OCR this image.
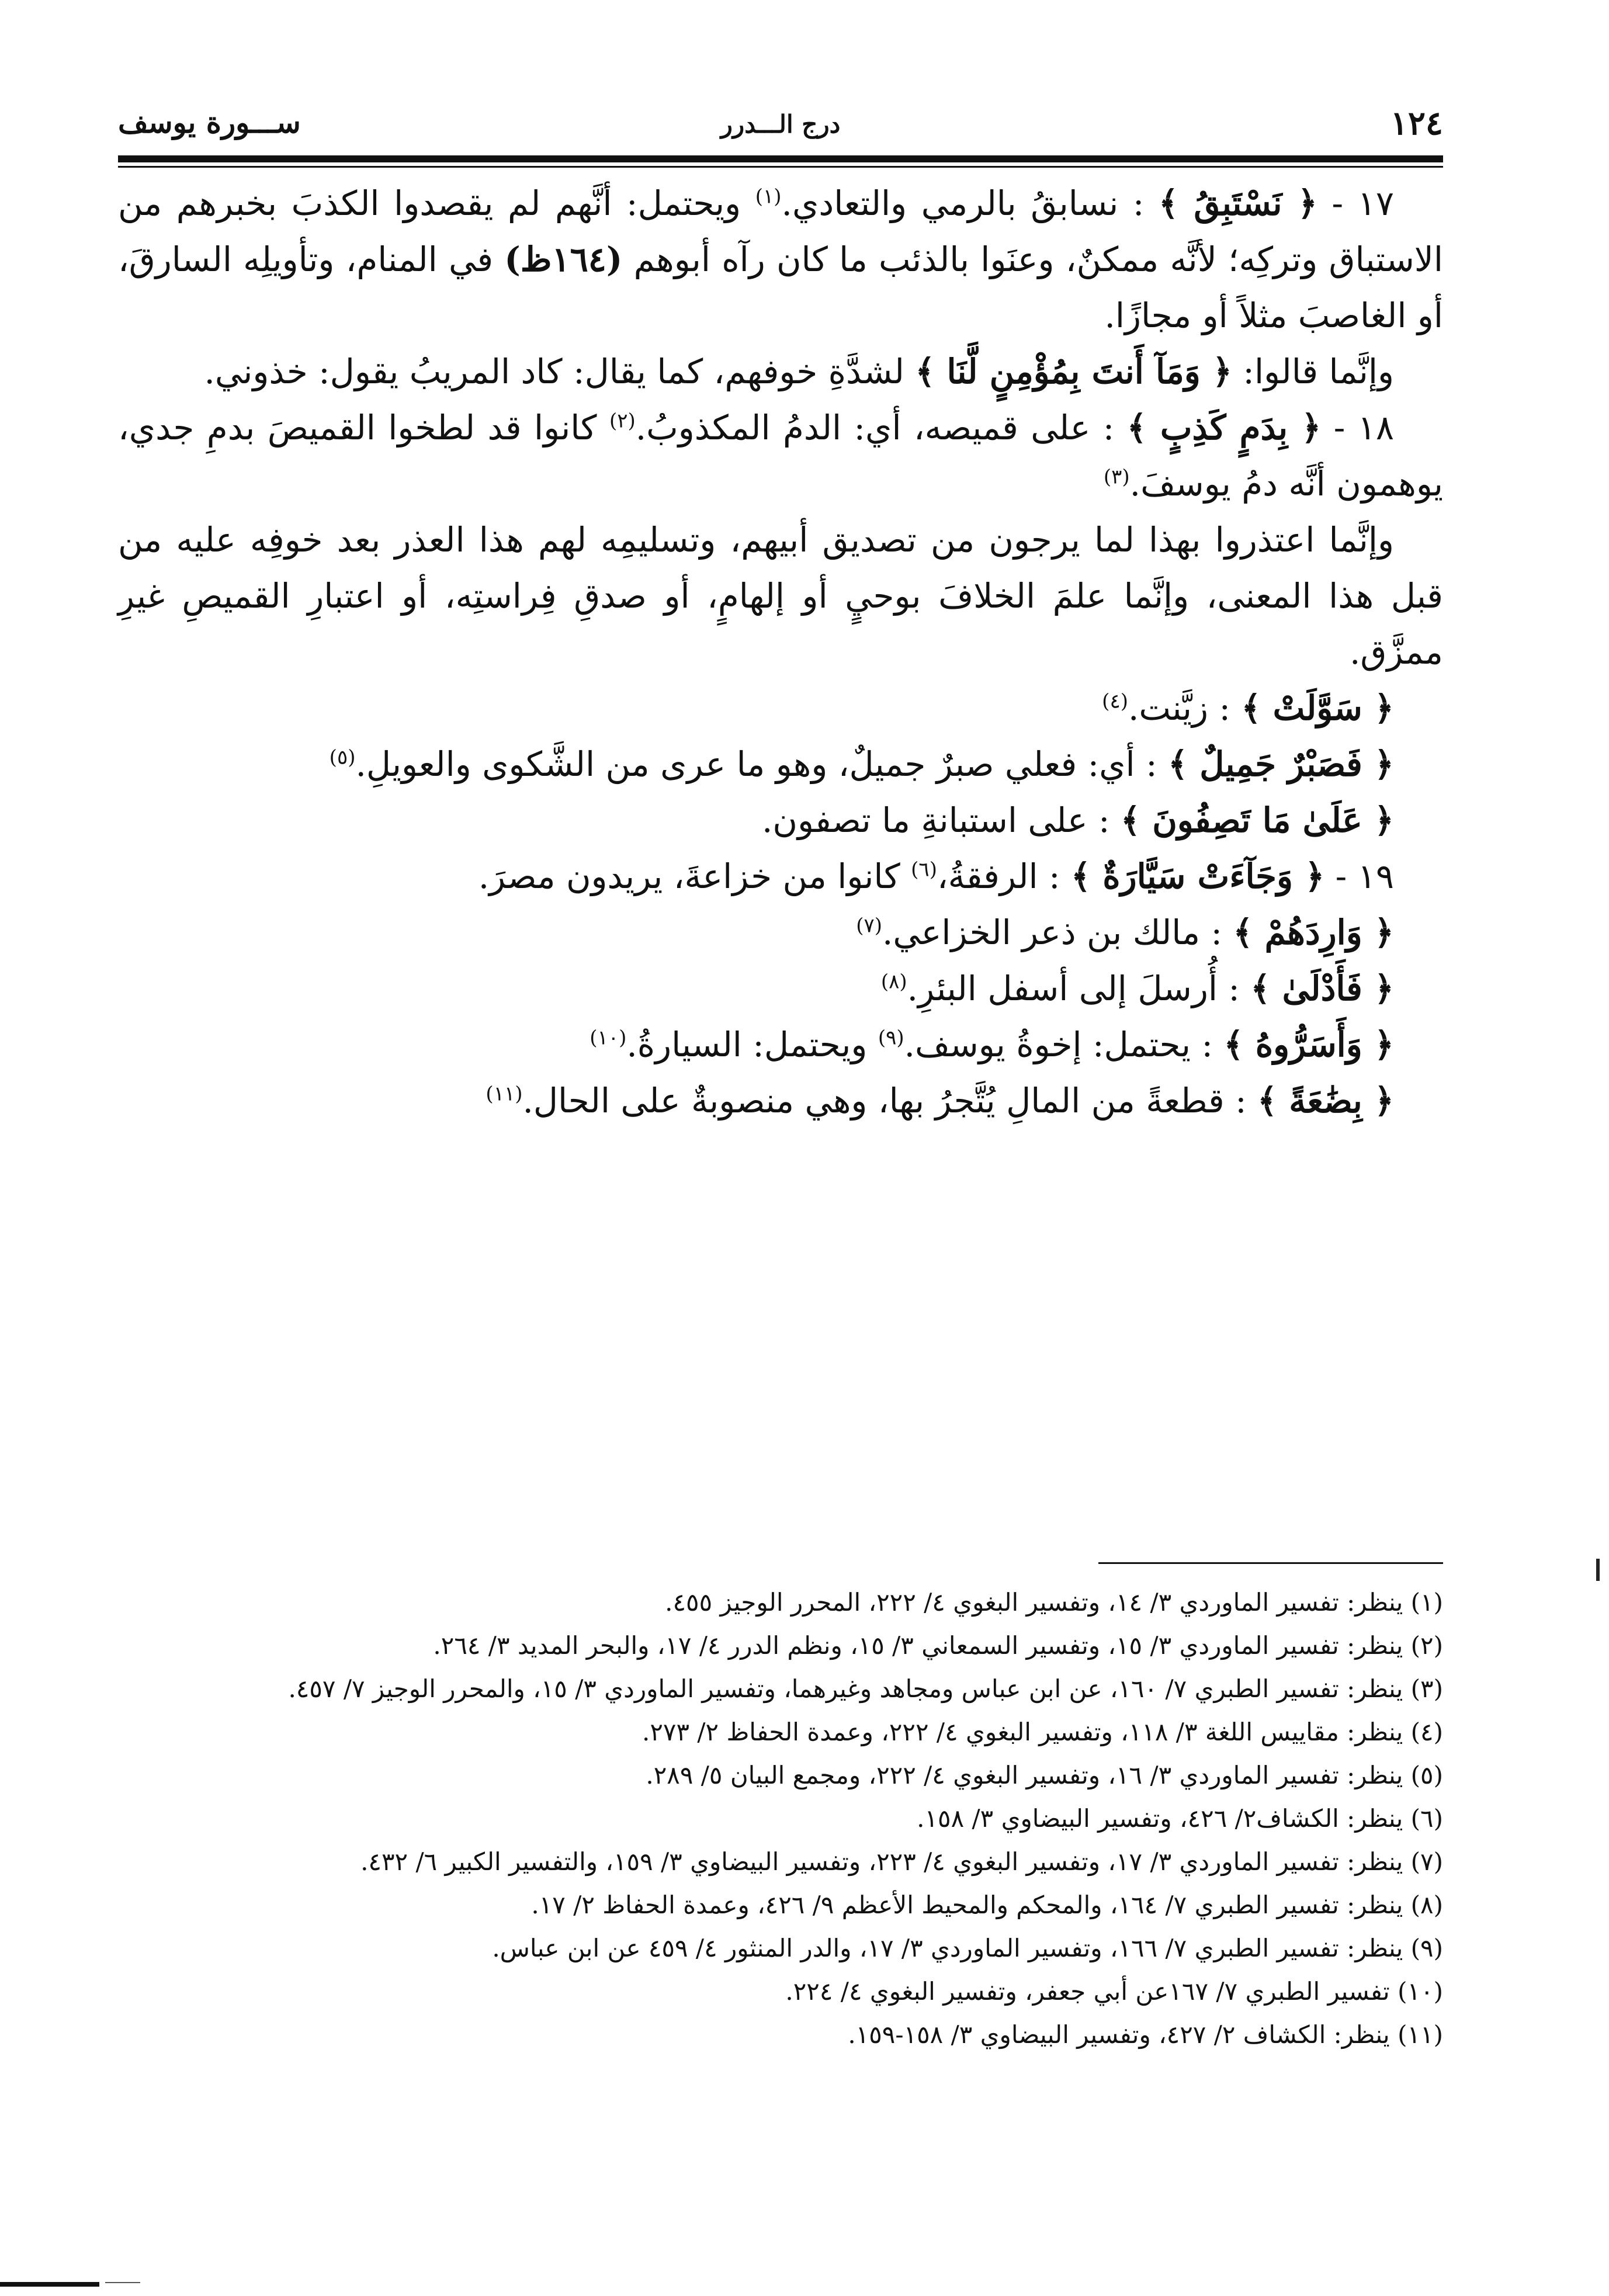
١٢٤
درج الـــدرر
ســـورة يوسف

١٧ - ﴿ نَسْتَبِقُ ﴾ : نسابقُ بالرمي والتعادي.$^{(١)}$ ويحتمل: أنَّهم لم يقصدوا الكذبَ بخبرهم من الاستباق وتركِه؛ لأنَّه ممكنٌ، وعنَوا بالذئب ما كان رآه أبوهم (١٦٤ظ) في المنام، وتأويلِه السارقَ، أو الغاصبَ مثلاً أو مجازًا.

وإنَّما قالوا: ﴿ وَمَآ أَنتَ بِمُؤْمِنٍ لَّنَا ﴾ لشدَّةِ خوفهم، كما يقال: كاد المريبُ يقول: خذوني.

١٨ - ﴿ بِدَمٍ كَذِبٍ ﴾ : على قميصه، أي: الدمُ المكذوبُ.$^{(٢)}$ كانوا قد لطخوا القميصَ بدمِ جدي، يوهمون أنَّه دمُ يوسفَ.$^{(٣)}$

وإنَّما اعتذروا بهذا لما يرجون من تصديق أبيهم، وتسليمِه لهم هذا العذر بعد خوفِه عليه من قبل هذا المعنى، وإنَّما علمَ الخلافَ بوحيٍ أو إلهامٍ، أو صدقِ فِراستِه، أو اعتبارِ القميصِ غيرِ ممزَّق.

﴿ سَوَّلَتْ ﴾ : زيَّنت.$^{(٤)}$

﴿ فَصَبْرٌ جَمِيلٌ ﴾ : أي: فعلي صبرٌ جميلٌ، وهو ما عرى من الشَّكوى والعويلِ.$^{(٥)}$

﴿ عَلَىٰ مَا تَصِفُونَ ﴾ : على استبانةِ ما تصفون.

١٩ - ﴿ وَجَآءَتْ سَيَّارَةٌ ﴾ : الرفقةُ،$^{(٦)}$ كانوا من خزاعةَ، يريدون مصرَ.

﴿ وَارِدَهُمْ ﴾ : مالك بن ذعر الخزاعي.$^{(٧)}$

﴿ فَأَدْلَىٰ ﴾ : أُرسلَ إلى أسفل البئرِ.$^{(٨)}$

﴿ وَأَسَرُّوهُ ﴾ : يحتمل: إخوةُ يوسف.$^{(٩)}$ ويحتمل: السيارةُ.$^{(١٠)}$

﴿ بِضَٰعَةً ﴾ : قطعةً من المالِ يُتَّجرُ بها، وهي منصوبةٌ على الحال.$^{(١١)}$

(١) ينظر: تفسير الماوردي ٣/ ١٤، وتفسير البغوي ٤/ ٢٢٢، المحرر الوجيز ٤٥٥.

(٢) ينظر: تفسير الماوردي ٣/ ١٥، وتفسير السمعاني ٣/ ١٥، ونظم الدرر ٤/ ١٧، والبحر المديد ٣/ ٢٦٤.

(٣) ينظر: تفسير الطبري ٧/ ١٦٠، عن ابن عباس ومجاهد وغيرهما، وتفسير الماوردي ٣/ ١٥، والمحرر الوجيز ٧/ ٤٥٧.

(٤) ينظر: مقاييس اللغة ٣/ ١١٨، وتفسير البغوي ٤/ ٢٢٢، وعمدة الحفاظ ٢/ ٢٧٣.

(٥) ينظر: تفسير الماوردي ٣/ ١٦، وتفسير البغوي ٤/ ٢٢٢، ومجمع البيان ٥/ ٢٨٩.

(٦) ينظر: الكشاف٢/ ٤٢٦، وتفسير البيضاوي ٣/ ١٥٨.

(٧) ينظر: تفسير الماوردي ٣/ ١٧، وتفسير البغوي ٤/ ٢٢٣، وتفسير البيضاوي ٣/ ١٥٩، والتفسير الكبير ٦/ ٤٣٢.

(٨) ينظر: تفسير الطبري ٧/ ١٦٤، والمحكم والمحيط الأعظم ٩/ ٤٢٦، وعمدة الحفاظ ٢/ ١٧.

(٩) ينظر: تفسير الطبري ٧/ ١٦٦، وتفسير الماوردي ٣/ ١٧، والدر المنثور ٤/ ٤٥٩ عن ابن عباس.

(١٠) تفسير الطبري ٧/ ١٦٧عن أبي جعفر، وتفسير البغوي ٤/ ٢٢٤.

(١١) ينظر: الكشاف ٢/ ٤٢٧، وتفسير البيضاوي ٣/ ١٥٨-١٥٩.
